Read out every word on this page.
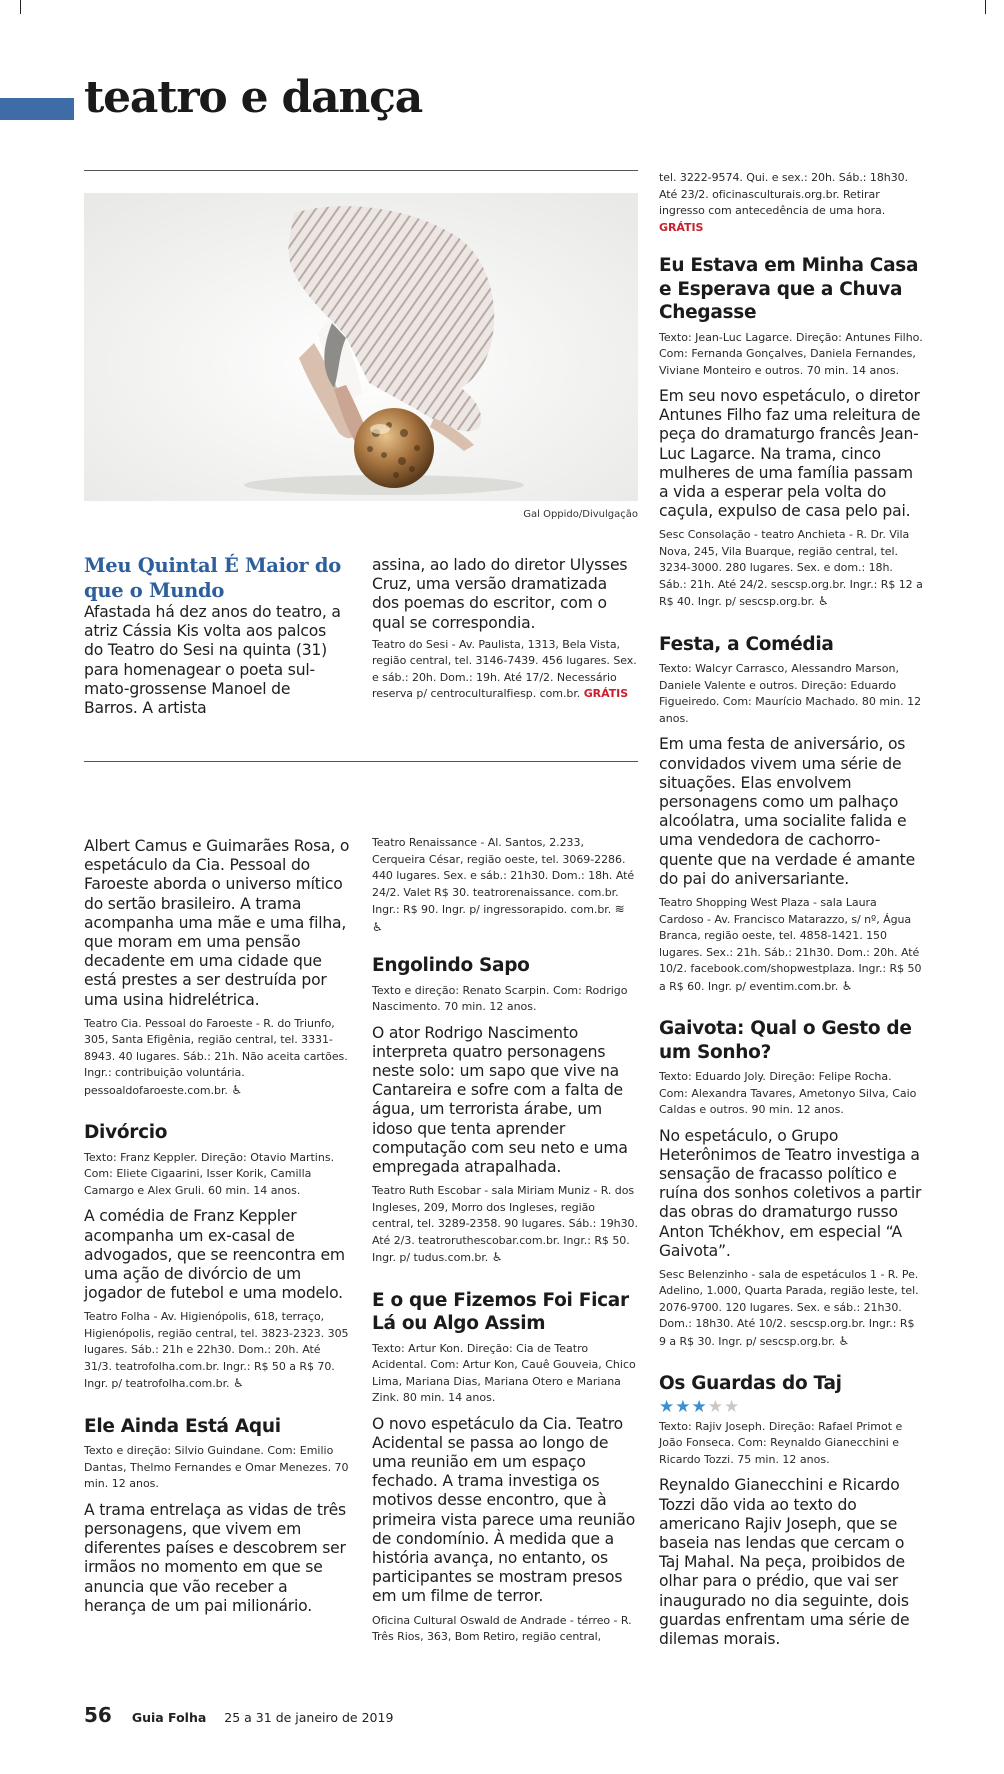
teatro e dança
Gal Oppido/Divulgação
Meu Quintal É Maior do que o Mundo
Afastada há dez anos do teatro, a atriz Cássia Kis volta aos palcos do Teatro do Sesi na quinta (31) para homenagear o poeta sul-mato-grossense Manoel de Barros. A artista
assina, ao lado do diretor Ulysses Cruz, uma versão dramatizada dos poemas do escritor, com o qual se correspondia.
Teatro do Sesi - Av. Paulista, 1313, Bela Vista, região central, tel. 3146-7439. 456 lugares. Sex. e sáb.: 20h. Dom.: 19h. Até 17/2. Necessário reserva p/ centroculturalfiesp. com.br. GRÁTIS
Albert Camus e Guimarães Rosa, o espetáculo da Cia. Pessoal do Faroeste aborda o universo mítico do sertão brasileiro. A trama acompanha uma mãe e uma filha, que moram em uma pensão decadente em uma cidade que está prestes a ser destruída por uma usina hidrelétrica.
Teatro Cia. Pessoal do Faroeste - R. do Triunfo, 305, Santa Efigênia, região central, tel. 3331-8943. 40 lugares. Sáb.: 21h. Não aceita cartões. Ingr.: contribuição voluntária. pessoaldofaroeste.com.br. ♿
Divórcio
Texto: Franz Keppler. Direção: Otavio Martins. Com: Eliete Cigaarini, Isser Korik, Camilla Camargo e Alex Gruli. 60 min. 14 anos.
A comédia de Franz Keppler acompanha um ex-casal de advogados, que se reencontra em uma ação de divórcio de um jogador de futebol e uma modelo.
Teatro Folha - Av. Higienópolis, 618, terraço, Higienópolis, região central, tel. 3823-2323. 305 lugares. Sáb.: 21h e 22h30. Dom.: 20h. Até 31/3. teatrofolha.com.br. Ingr.: R$ 50 a R$ 70. Ingr. p/ teatrofolha.com.br. ♿
Ele Ainda Está Aqui
Texto e direção: Silvio Guindane. Com: Emilio Dantas, Thelmo Fernandes e Omar Menezes. 70 min. 12 anos.
A trama entrelaça as vidas de três personagens, que vivem em diferentes países e descobrem ser irmãos no momento em que se anuncia que vão receber a herança de um pai milionário.
Teatro Renaissance - Al. Santos, 2.233, Cerqueira César, região oeste, tel. 3069-2286. 440 lugares. Sex. e sáb.: 21h30. Dom.: 18h. Até 24/2. Valet R$ 30. teatrorenaissance. com.br. Ingr.: R$ 90. Ingr. p/ ingressorapido. com.br. ≋ ♿
Engolindo Sapo
Texto e direção: Renato Scarpin. Com: Rodrigo Nascimento. 70 min. 12 anos.
O ator Rodrigo Nascimento interpreta quatro personagens neste solo: um sapo que vive na Cantareira e sofre com a falta de água, um terrorista árabe, um idoso que tenta aprender computação com seu neto e uma empregada atrapalhada.
Teatro Ruth Escobar - sala Miriam Muniz - R. dos Ingleses, 209, Morro dos Ingleses, região central, tel. 3289-2358. 90 lugares. Sáb.: 19h30. Até 2/3. teatroruthescobar.com.br. Ingr.: R$ 50. Ingr. p/ tudus.com.br. ♿
E o que Fizemos Foi Ficar Lá ou Algo Assim
Texto: Artur Kon. Direção: Cia de Teatro Acidental. Com: Artur Kon, Cauê Gouveia, Chico Lima, Mariana Dias, Mariana Otero e Mariana Zink. 80 min. 14 anos.
O novo espetáculo da Cia. Teatro Acidental se passa ao longo de uma reunião em um espaço fechado. A trama investiga os motivos desse encontro, que à primeira vista parece uma reunião de condomínio. À medida que a história avança, no entanto, os participantes se mostram presos em um filme de terror.
Oficina Cultural Oswald de Andrade - térreo - R. Três Rios, 363, Bom Retiro, região central,
tel. 3222-9574. Qui. e sex.: 20h. Sáb.: 18h30. Até 23/2. oficinasculturais.org.br. Retirar ingresso com antecedência de uma hora.
GRÁTIS
Eu Estava em Minha Casa e Esperava que a Chuva Chegasse
Texto: Jean-Luc Lagarce. Direção: Antunes Filho. Com: Fernanda Gonçalves, Daniela Fernandes, Viviane Monteiro e outros. 70 min. 14 anos.
Em seu novo espetáculo, o diretor Antunes Filho faz uma releitura de peça do dramaturgo francês Jean-Luc Lagarce. Na trama, cinco mulheres de uma família passam a vida a esperar pela volta do caçula, expulso de casa pelo pai.
Sesc Consolação - teatro Anchieta - R. Dr. Vila Nova, 245, Vila Buarque, região central, tel. 3234-3000. 280 lugares. Sex. e dom.: 18h. Sáb.: 21h. Até 24/2. sescsp.org.br. Ingr.: R$ 12 a R$ 40. Ingr. p/ sescsp.org.br. ♿
Festa, a Comédia
Texto: Walcyr Carrasco, Alessandro Marson, Daniele Valente e outros. Direção: Eduardo Figueiredo. Com: Maurício Machado. 80 min. 12 anos.
Em uma festa de aniversário, os convidados vivem uma série de situações. Elas envolvem personagens como um palhaço alcoólatra, uma socialite falida e uma vendedora de cachorro-quente que na verdade é amante do pai do aniversariante.
Teatro Shopping West Plaza - sala Laura Cardoso - Av. Francisco Matarazzo, s/ nº, Água Branca, região oeste, tel. 4858-1421. 150 lugares. Sex.: 21h. Sáb.: 21h30. Dom.: 20h. Até 10/2. facebook.com/shopwestplaza. Ingr.: R$ 50 a R$ 60. Ingr. p/ eventim.com.br. ♿
Gaivota: Qual o Gesto de um Sonho?
Texto: Eduardo Joly. Direção: Felipe Rocha. Com: Alexandra Tavares, Ametonyo Silva, Caio Caldas e outros. 90 min. 12 anos.
No espetáculo, o Grupo Heterônimos de Teatro investiga a sensação de fracasso político e ruína dos sonhos coletivos a partir das obras do dramaturgo russo Anton Tchékhov, em especial “A Gaivota”.
Sesc Belenzinho - sala de espetáculos 1 - R. Pe. Adelino, 1.000, Quarta Parada, região leste, tel. 2076-9700. 120 lugares. Sex. e sáb.: 21h30. Dom.: 18h30. Até 10/2. sescsp.org.br. Ingr.: R$ 9 a R$ 30. Ingr. p/ sescsp.org.br. ♿
Os Guardas do Taj
★★★★★
Texto: Rajiv Joseph. Direção: Rafael Primot e João Fonseca. Com: Reynaldo Gianecchini e Ricardo Tozzi. 75 min. 12 anos.
Reynaldo Gianecchini e Ricardo Tozzi dão vida ao texto do americano Rajiv Joseph, que se baseia nas lendas que cercam o Taj Mahal. Na peça, proibidos de olhar para o prédio, que vai ser inaugurado no dia seguinte, dois guardas enfrentam uma série de dilemas morais.
56 Guia Folha 25 a 31 de janeiro de 2019
